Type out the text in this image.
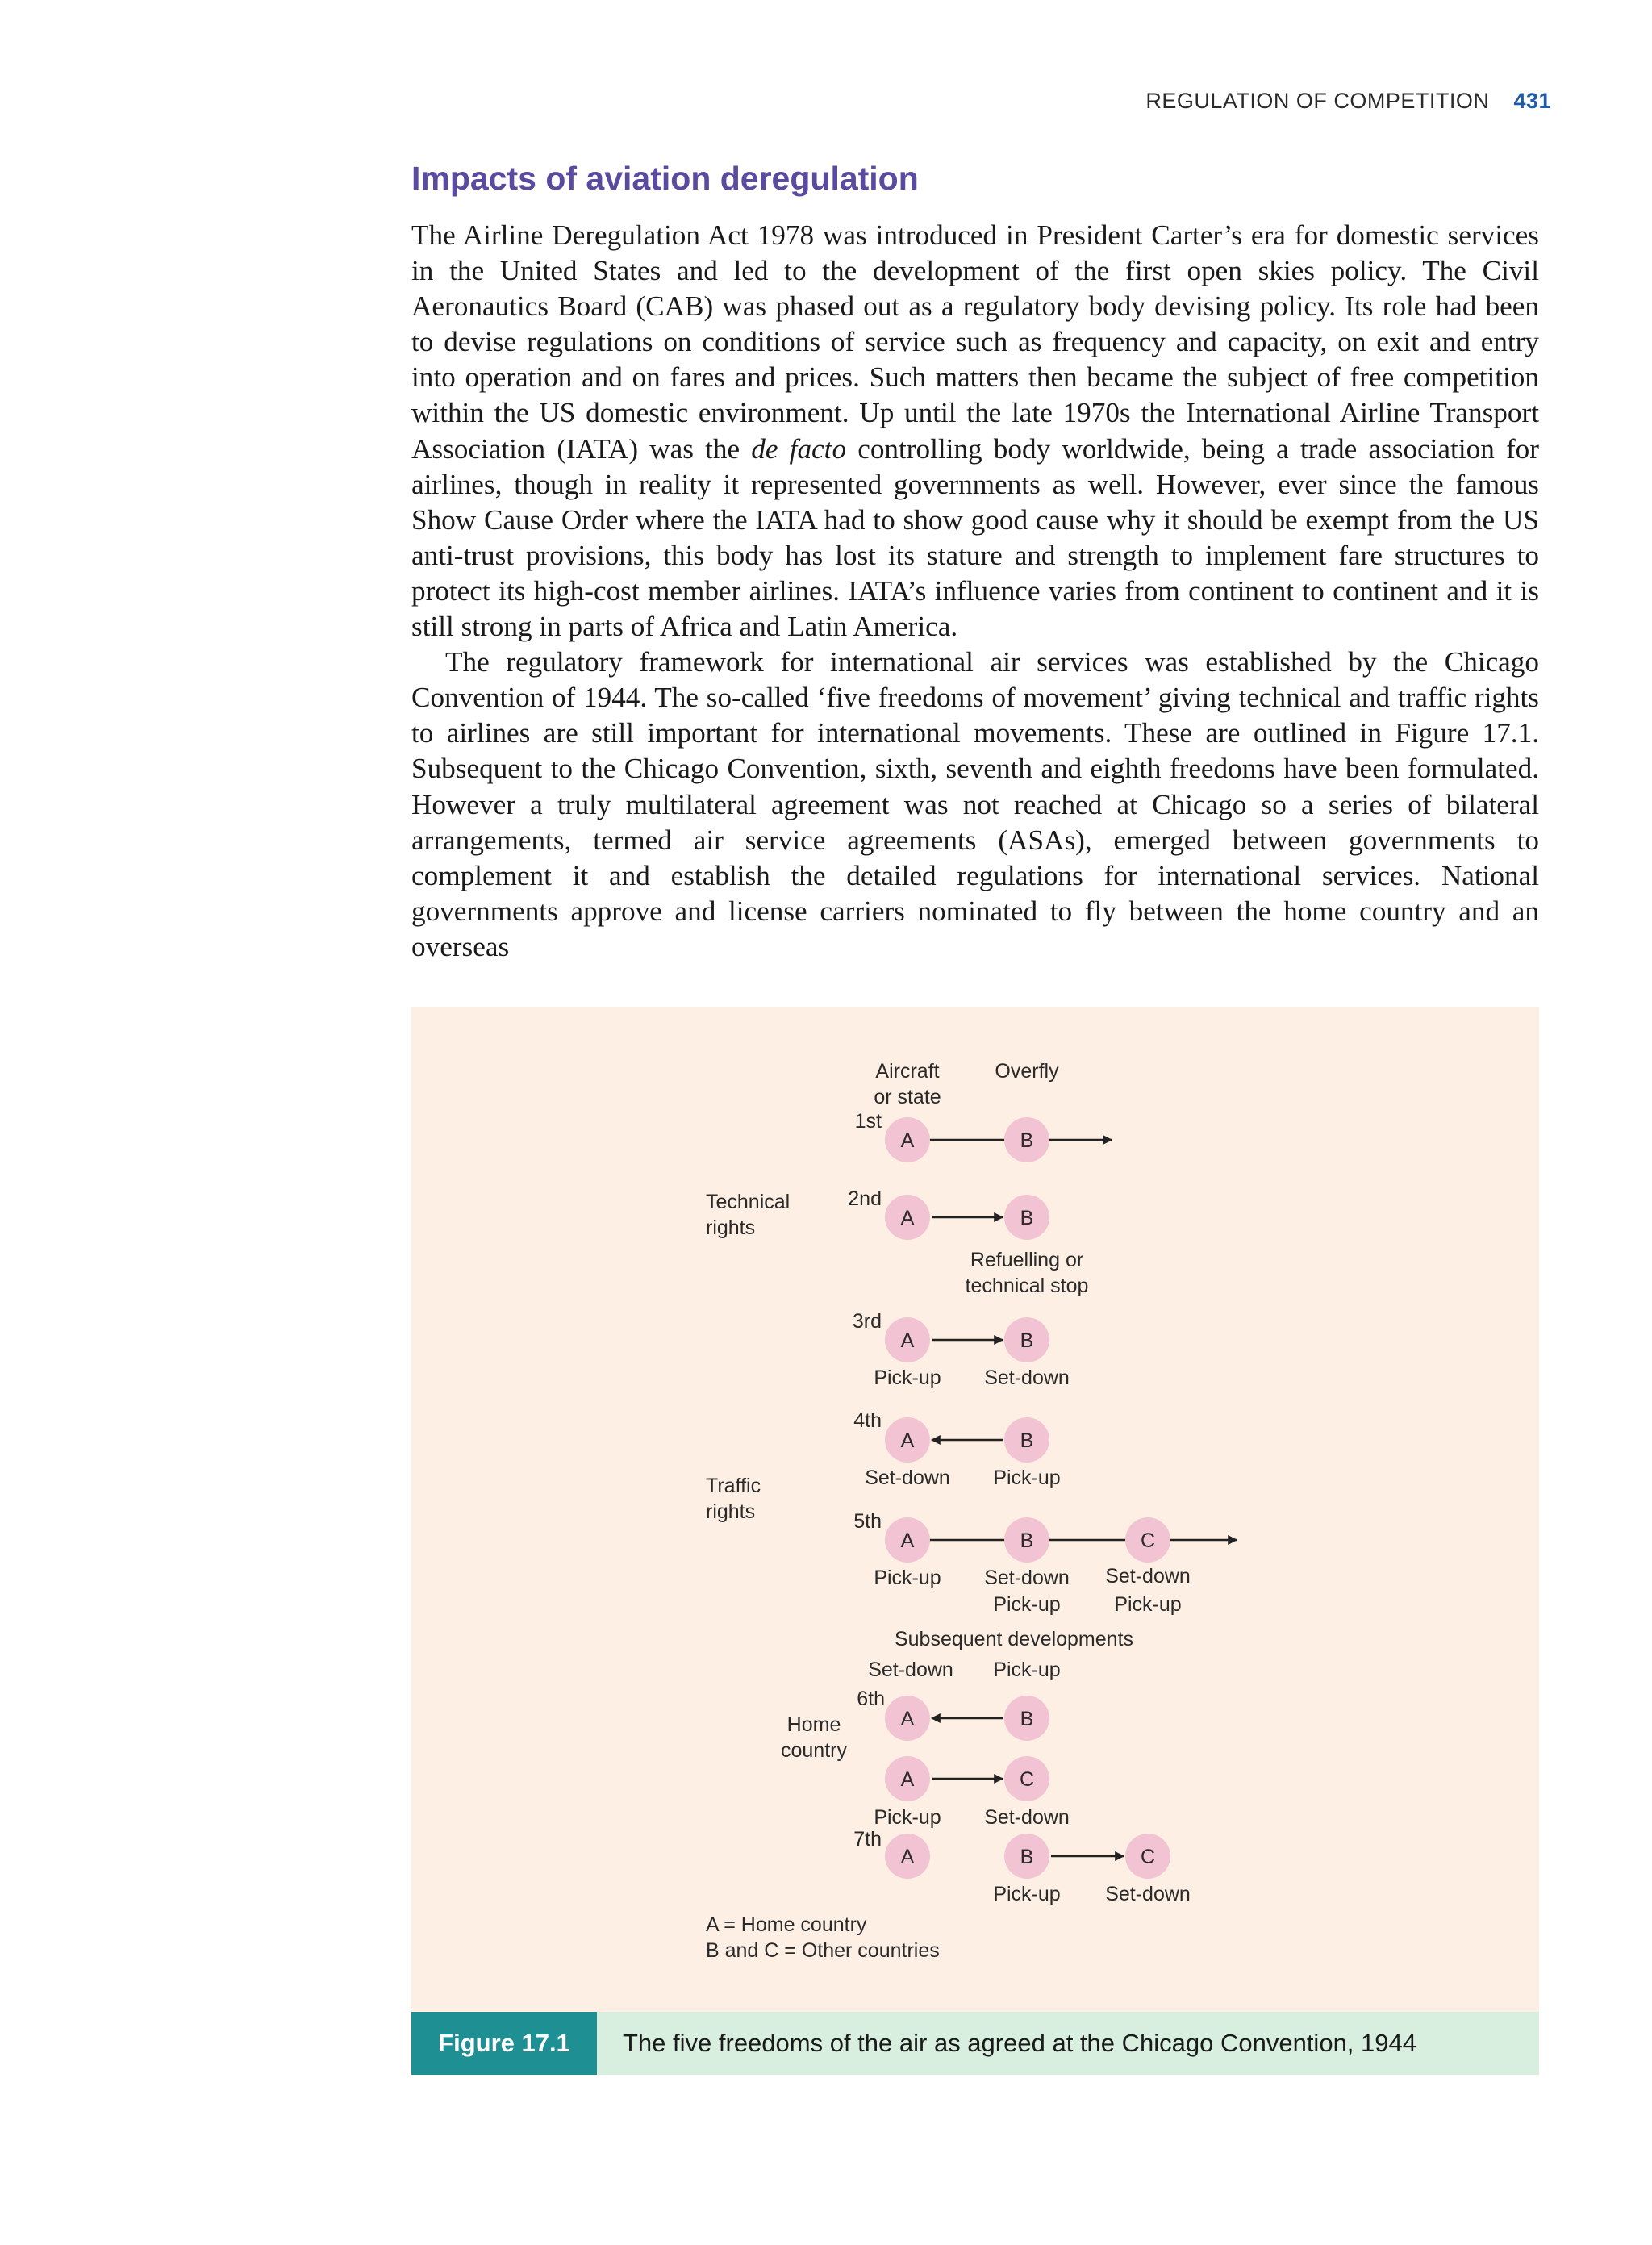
REGULATION OF COMPETITION 431
Impacts of aviation deregulation

The Airline Deregulation Act 1978 was introduced in President Carter’s era for domestic services in the United States and led to the development of the first open skies policy. The Civil Aeronautics Board (CAB) was phased out as a regulatory body devising policy. Its role had been to devise regulations on conditions of service such as frequency and capacity, on exit and entry into operation and on fares and prices. Such matters then became the subject of free competition within the US domestic environment. Up until the late 1970s the International Airline Transport Association (IATA) was the de facto controlling body worldwide, being a trade association for airlines, though in reality it represented governments as well. However, ever since the famous Show Cause Order where the IATA had to show good cause why it should be exempt from the US anti-trust provisions, this body has lost its stature and strength to implement fare structures to protect its high-cost member airlines. IATA’s influence varies from continent to continent and it is still strong in parts of Africa and Latin America.

The regulatory framework for international air services was established by the Chicago Convention of 1944. The so-called ‘five freedoms of movement’ giving technical and traffic rights to airlines are still important for international movements. These are outlined in Figure 17.1. Subsequent to the Chicago Convention, sixth, seventh and eighth freedoms have been formulated. However a truly multilateral agreement was not reached at Chicago so a series of bilateral arrangements, termed air service agreements (ASAs), emerged between governments to complement it and establish the detailed regulations for international services. National governments approve and license carriers nominated to fly between the home country and an overseas

Aircraft
or state
Overfly
Technical
rights
Traffic
rights
1st
A	B
2nd
A	B
Refuelling or
technical stop
3rd
A	B
Pick-up Set-down
4th
A	B
Set-down Pick-up
5th
A	B	C
Pick-up Set-down
Pick-up
Set-down
Pick-up
Subsequent developments
Set-down Pick-up
6th
Home
country
A	B
A	C
Pick-up Set-down
7th
A	B	C
Pick-up Set-down
A = Home country
B and C = Other countries
Figure 17.1	The five freedoms of the air as agreed at the Chicago Convention, 1944
